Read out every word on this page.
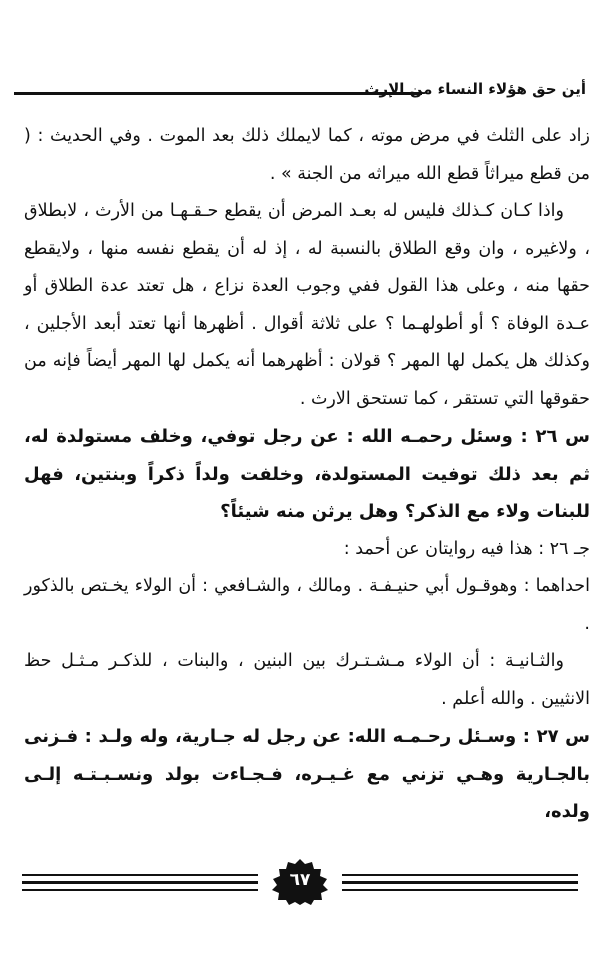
أين حق هؤلاء النساء من الإرث

زاد على الثلث في مرض موته ، كما لايملك ذلك بعد الموت . وفي الحديث : ( من قطع ميراثاً قطع الله ميراثه من الجنة » .

واذا كـان كـذلك فليس له بعـد المرض أن يقطع حـقـهـا من الأرث ، لابطلاق ، ولاغيره ، وان وقع الطلاق بالنسبة له ، إذ له أن يقطع نفسه منها ، ولايقطع حقها منه ، وعلى هذا القول ففي وجوب العدة نزاع ، هل تعتد عدة الطلاق أو عـدة الوفاة ؟ أو أطولهـما ؟ على ثلاثة أقوال . أظهرها أنها تعتد أبعد الأجلين ، وكذلك هل يكمل لها المهر ؟ قولان : أظهرهما أنه يكمل لها المهر أيضاً فإنه من حقوقها التي تستقر ، كما تستحق الارث .

س ٢٦ : وسئل رحمـه الله : عن رجل توفي، وخلف مستولدة له، ثم بعد ذلك توفيت المستولدة، وخلفت ولداً ذكراً وبنتين، فهل للبنات ولاء مع الذكر؟ وهل يرثن منه شيئاً؟

جـ ٢٦ : هذا فيه روايتان عن أحمد :

احداهما : وهوقـول أبي حنيـفـة . ومالك ، والشـافعي : أن الولاء يخـتص بالذكور .

والثـانيـة : أن الولاء مـشـتـرك بين البنين ، والبنات ، للذكـر مـثـل حظ الانثيين . والله أعلم .

س ٢٧ : وسـئل رحـمـه الله: عن رجل له جـارية، وله ولـد : فـزنى بالجـارية وهـي تزني مع غـيـره، فـجـاءت بولد ونسـبـتـه إلـى ولده،

٦٧
